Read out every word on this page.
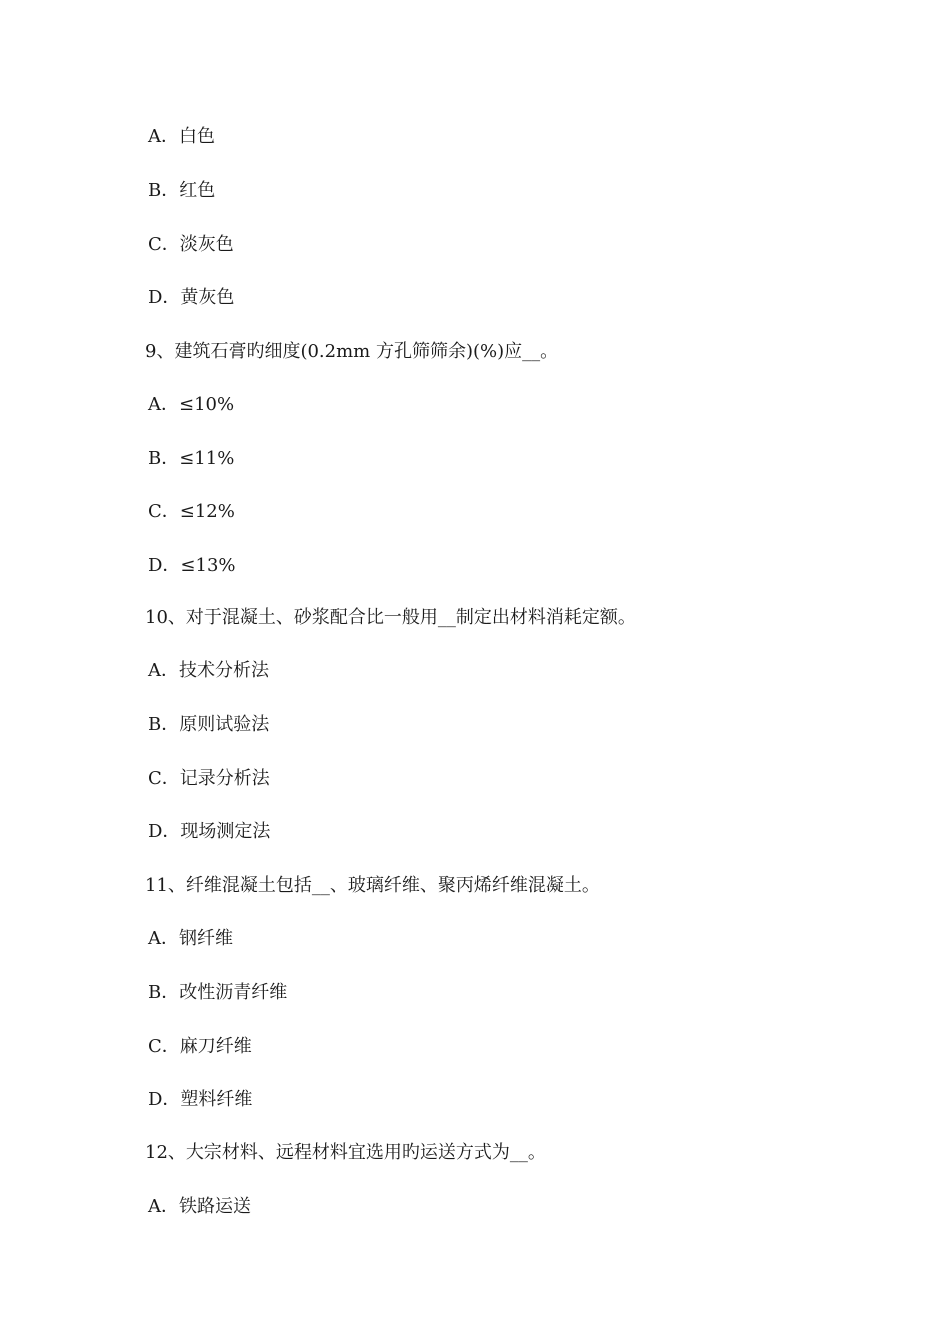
A．白色
B．红色
C．淡灰色
D．黄灰色
9、建筑石膏旳细度(0.2mm 方孔筛筛余)(%)应__。
A．≤10%
B．≤11%
C．≤12%
D．≤13%
10、对于混凝土、砂浆配合比一般用__制定出材料消耗定额。
A．技术分析法
B．原则试验法
C．记录分析法
D．现场测定法
11、纤维混凝土包括__、玻璃纤维、聚丙烯纤维混凝土。
A．钢纤维
B．改性沥青纤维
C．麻刀纤维
D．塑料纤维
12、大宗材料、远程材料宜选用旳运送方式为__。
A．铁路运送
